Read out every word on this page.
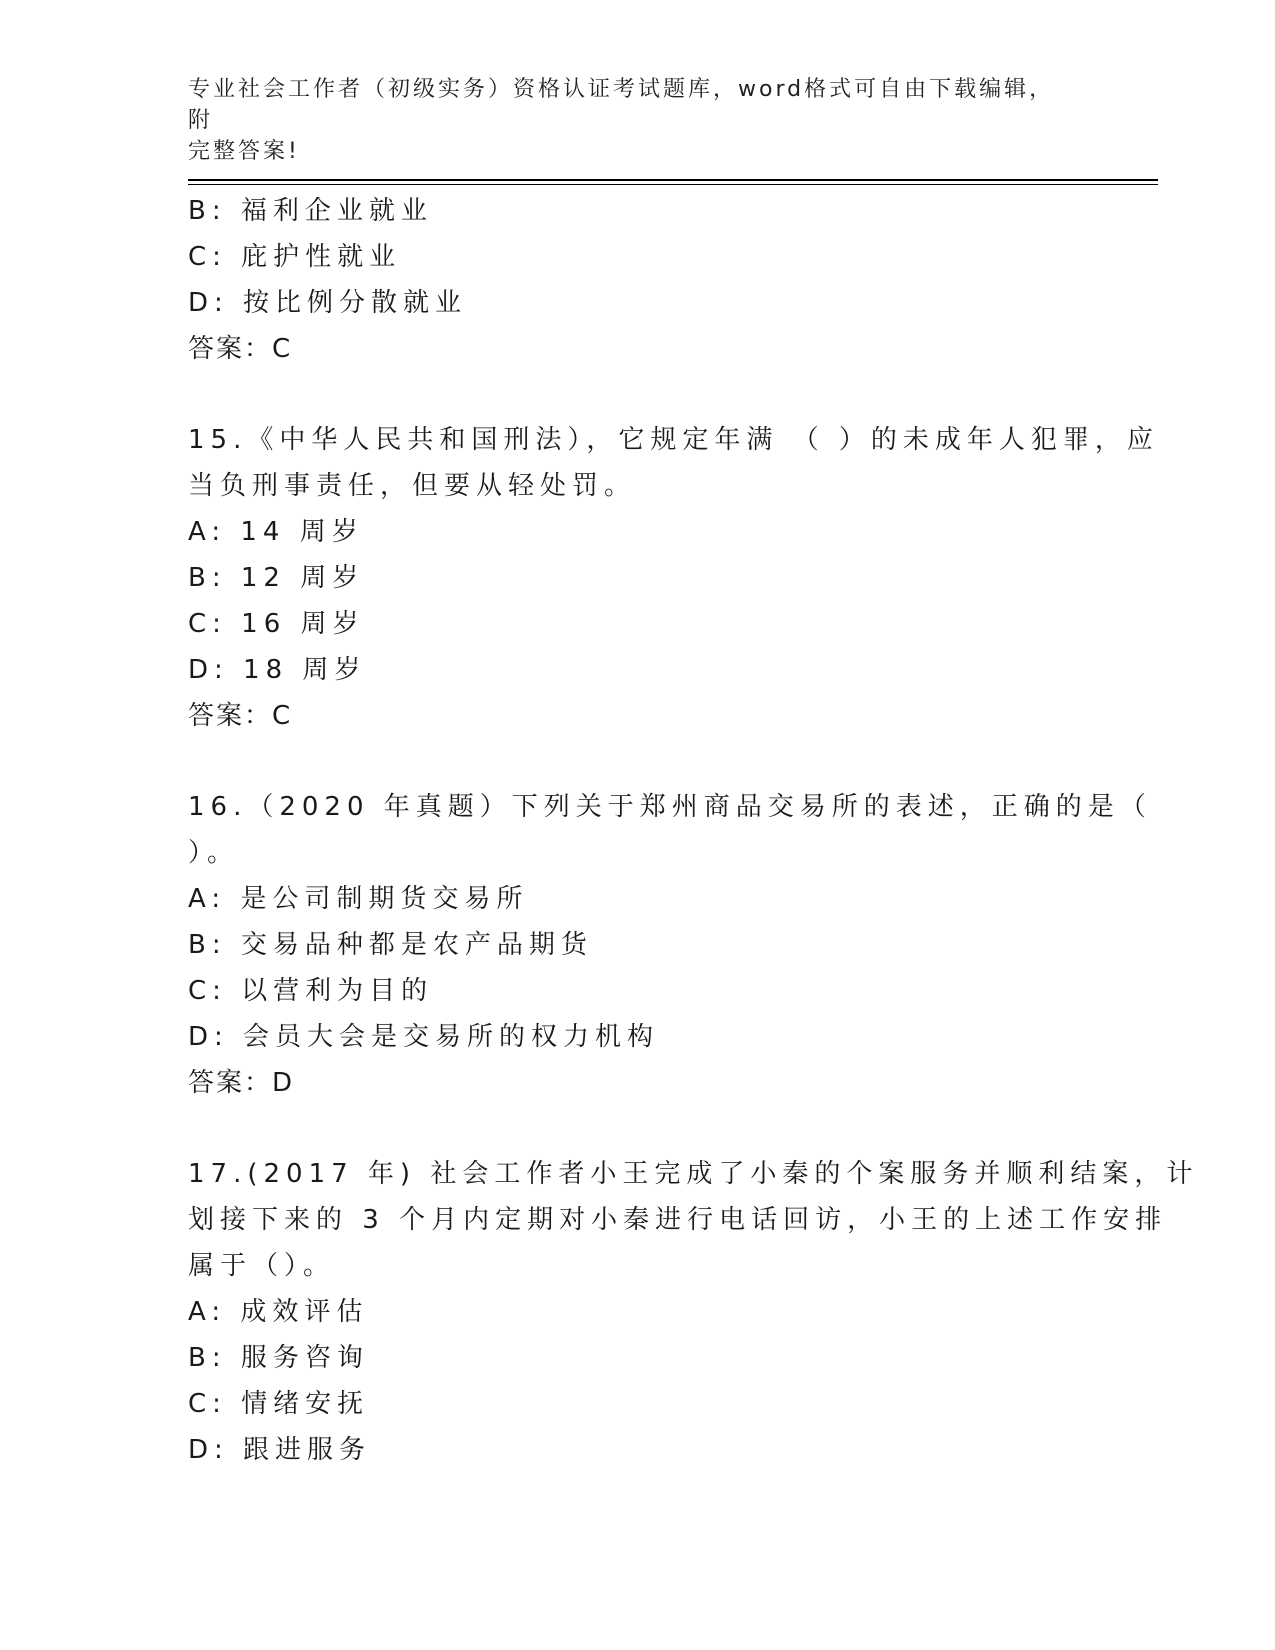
专业社会工作者（初级实务）资格认证考试题库，word格式可自由下载编辑，附
完整答案!
B: 福利企业就业
C: 庇护性就业
D: 按比例分散就业
答案：C
15.《中华人民共和国刑法），它规定年满 （ ）的未成年人犯罪，应
当负刑事责任，但要从轻处罚。
A: 14 周岁
B: 12 周岁
C: 16 周岁
D: 18 周岁
答案：C
16.（2020 年真题）下列关于郑州商品交易所的表述，正确的是（
）。
A: 是公司制期货交易所
B: 交易品种都是农产品期货
C: 以营利为目的
D: 会员大会是交易所的权力机构
答案：D
17.(2017 年) 社会工作者小王完成了小秦的个案服务并顺利结案，计
划接下来的 3 个月内定期对小秦进行电话回访，小王的上述工作安排
属于（）。
A: 成效评估
B: 服务咨询
C: 情绪安抚
D: 跟进服务
